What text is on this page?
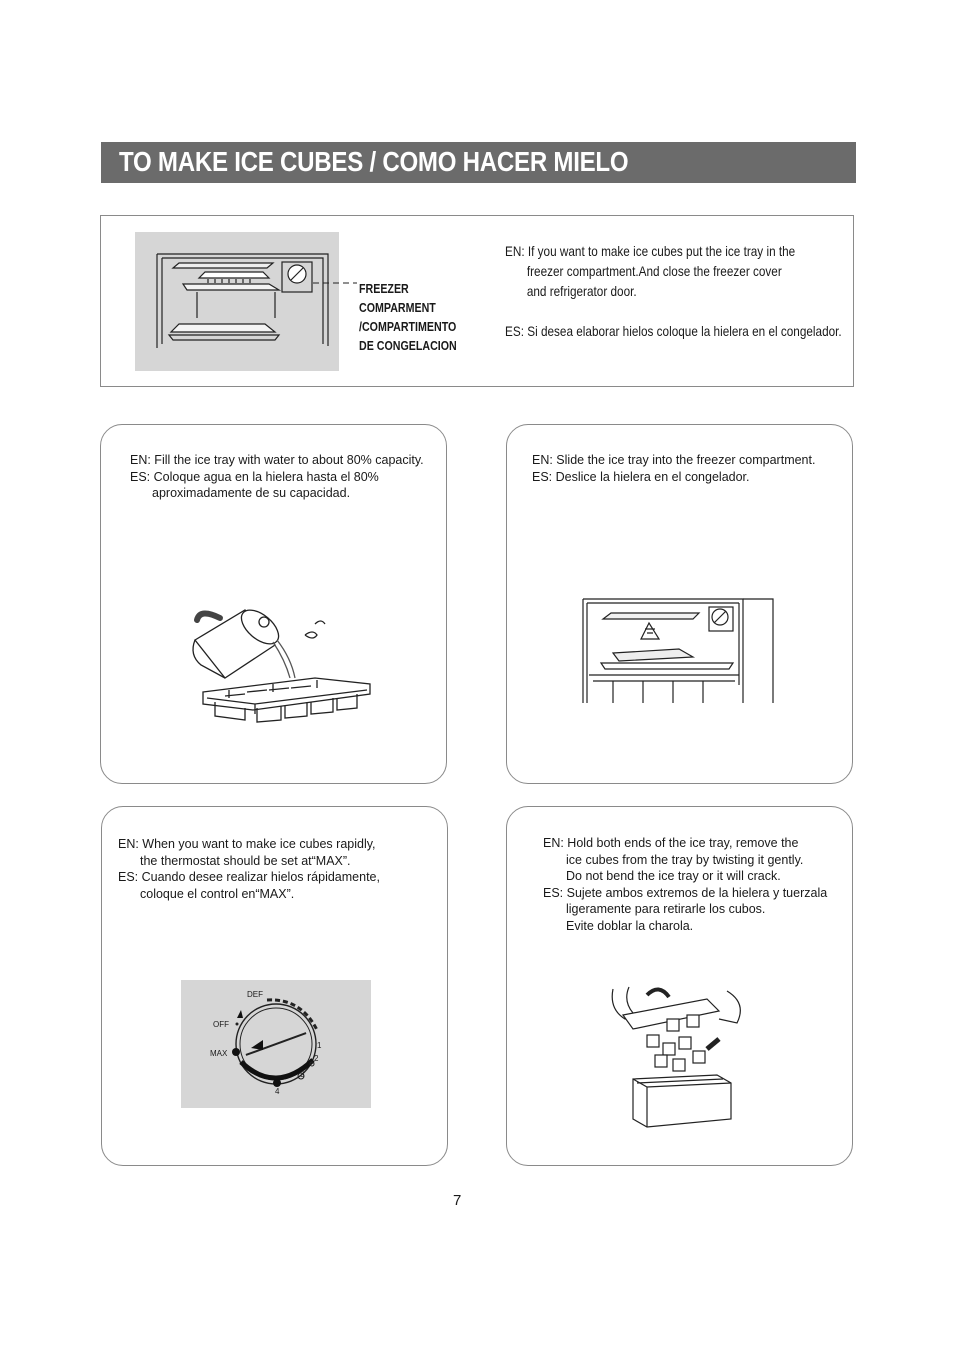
TO MAKE ICE CUBES / COMO HACER MIELO
FREEZER
COMPARMENT
/COMPARTIMENTO
DE CONGELACION
EN: If you want to make ice cubes put the ice tray in the
freezer compartment.And close the freezer cover
and refrigerator door.
ES: Si desea elaborar hielos coloque la hielera en el congelador.
EN: Fill the ice tray with water to about 80% capacity.
ES: Coloque agua en la hielera hasta el 80%
aproximadamente de su capacidad.
EN: Slide the ice tray into the freezer compartment.
ES: Deslice la hielera en el congelador.
EN: When you want to make ice cubes rapidly,
the thermostat should be set at“MAX”.
ES: Cuando desee realizar hielos rápidamente,
coloque el control en“MAX”.
DEF
OFF
MAX
1
2
3
4
EN: Hold both ends of the ice tray, remove the
ice cubes from the tray by twisting it gently.
Do not bend the ice tray or it will crack.
ES: Sujete ambos extremos de la hielera y tuerzala
ligeramente para retirarle los cubos.
Evite doblar la charola.
7
